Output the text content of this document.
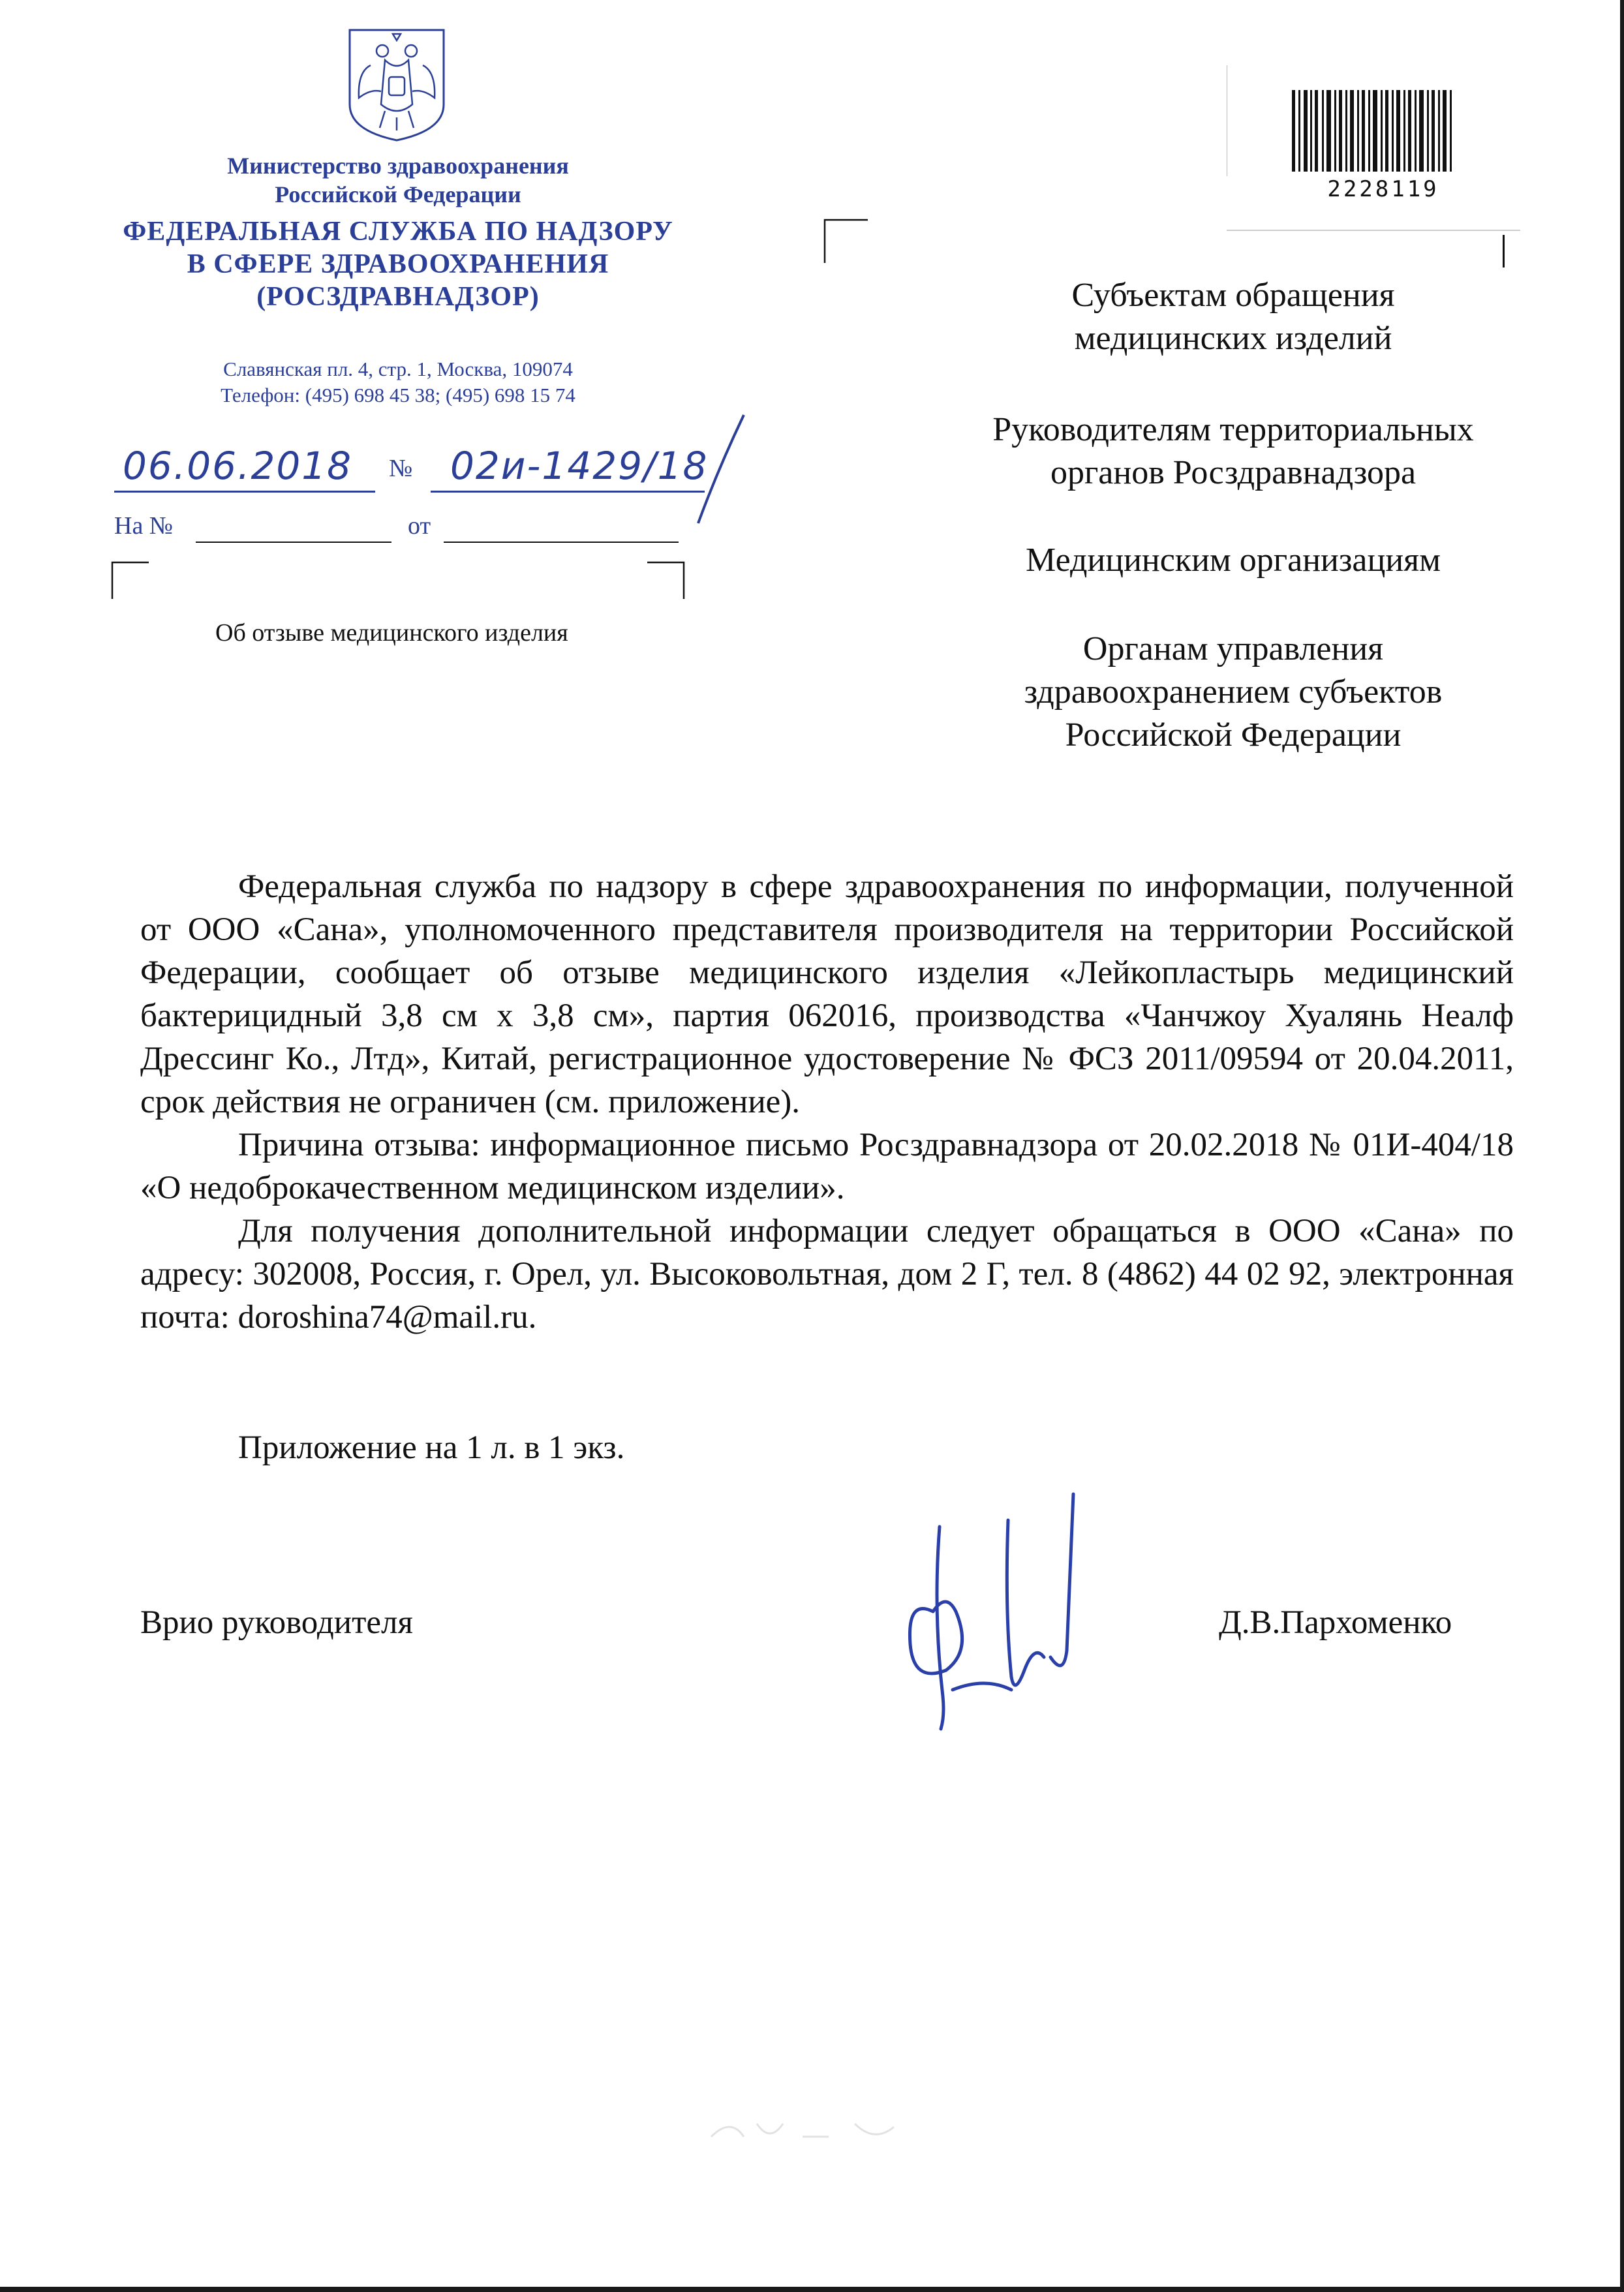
Министерство здравоохранения
Российской Федерации
ФЕДЕРАЛЬНАЯ СЛУЖБА ПО НАДЗОРУ
В СФЕРЕ ЗДРАВООХРАНЕНИЯ
(РОСЗДРАВНАДЗОР)
Славянская пл. 4, стр. 1, Москва, 109074
Телефон: (495) 698 45 38; (495) 698 15 74
06.06.2018 № 02и-1429/18
На №	от
Об отзыве медицинского изделия
2228119
Субъектам обращения
медицинских изделий
Руководителям территориальных
органов Росздравнадзора
Медицинским организациям
Органам управления
здравоохранением субъектов
Российской Федерации

Федеральная служба по надзору в сфере здравоохранения по информации, полученной от ООО «Сана», уполномоченного представителя производителя на территории Российской Федерации, сообщает об отзыве медицинского изделия «Лейкопластырь медицинский бактерицидный 3,8 см x 3,8 см», партия 062016, производства «Чанчжоу Хуалянь Неалф Дрессинг Ко., Лтд», Китай, регистрационное удостоверение № ФСЗ 2011/09594 от 20.04.2011, срок действия не ограничен (см. приложение).

Причина отзыва: информационное письмо Росздравнадзора от 20.02.2018 № 01И-404/18 «О недоброкачественном медицинском изделии».

Для получения дополнительной информации следует обращаться в ООО «Сана» по адресу: 302008, Россия, г. Орел, ул. Высоковольтная, дом 2 Г, тел. 8 (4862) 44 02 92, электронная почта: doroshina74@mail.ru.

Приложение на 1 л. в 1 экз.
Врио руководителя	Д.В.Пархоменко
